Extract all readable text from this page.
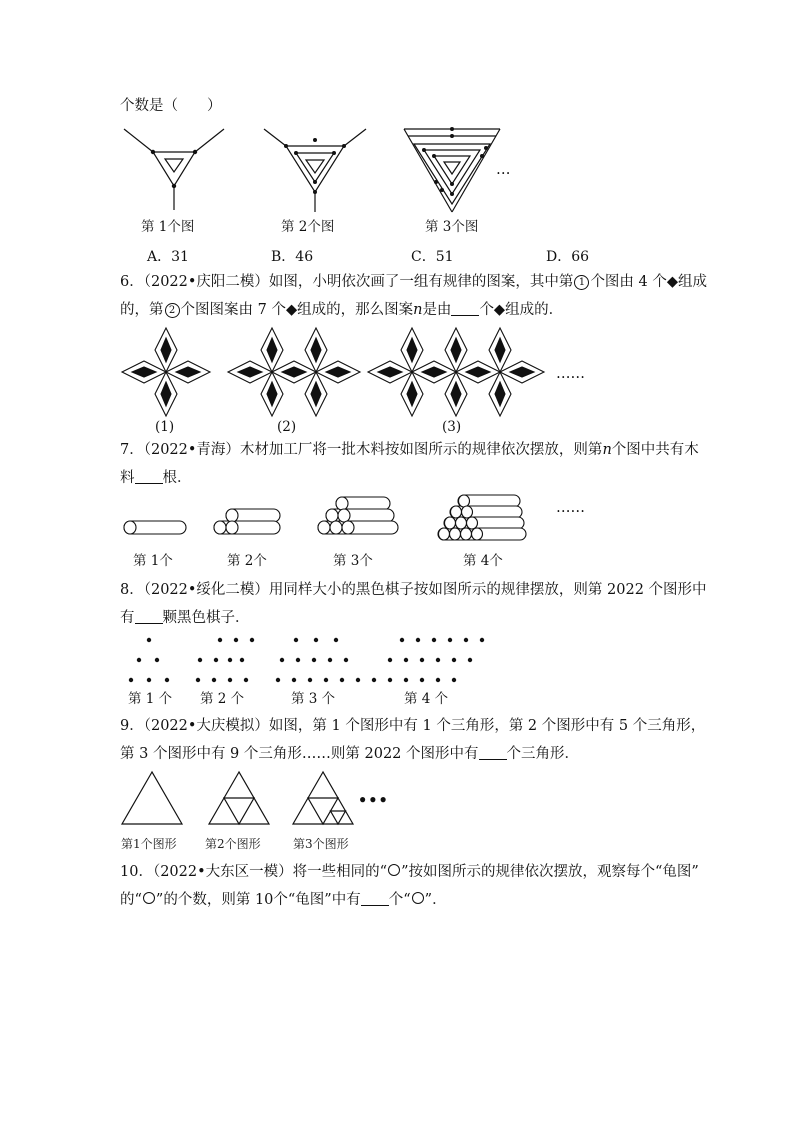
个数是（　　）
…
第 1个图	第 2个图	第 3个图
A．31	B．46	C．51	D．66
6．（2022•庆阳二模）如图，小明依次画了一组有规律的图案，其中第 1 个图由 4 个◆组成
的，第 2 个图图案由 7 个◆组成的，那么图案n是由 个◆组成的．
……
(1)	(2)	(3)
7．（2022•青海）木材加工厂将一批木料按如图所示的规律依次摆放，则第n个图中共有木
料 根．
……
第 1个	第 2个	第 3个	第 4个
8．（2022•绥化二模）用同样大小的黑色棋子按如图所示的规律摆放，则第 2022 个图形中
有 颗黑色棋子．
第 1 个 第 2 个	第 3 个	第 4 个
9．（2022•大庆模拟）如图，第 1 个图形中有 1 个三角形，第 2 个图形中有 5 个三角形，
第 3 个图形中有 9 个三角形……则第 2022 个图形中有 个三角形．
•••
第1个图形 第2个图形	第3个图形
10．（2022•大东区一模）将一些相同的“ ”按如图所示的规律依次摆放，观察每个“龟图”
的“ ”的个数，则第 10个“龟图”中有 个“ ”．
